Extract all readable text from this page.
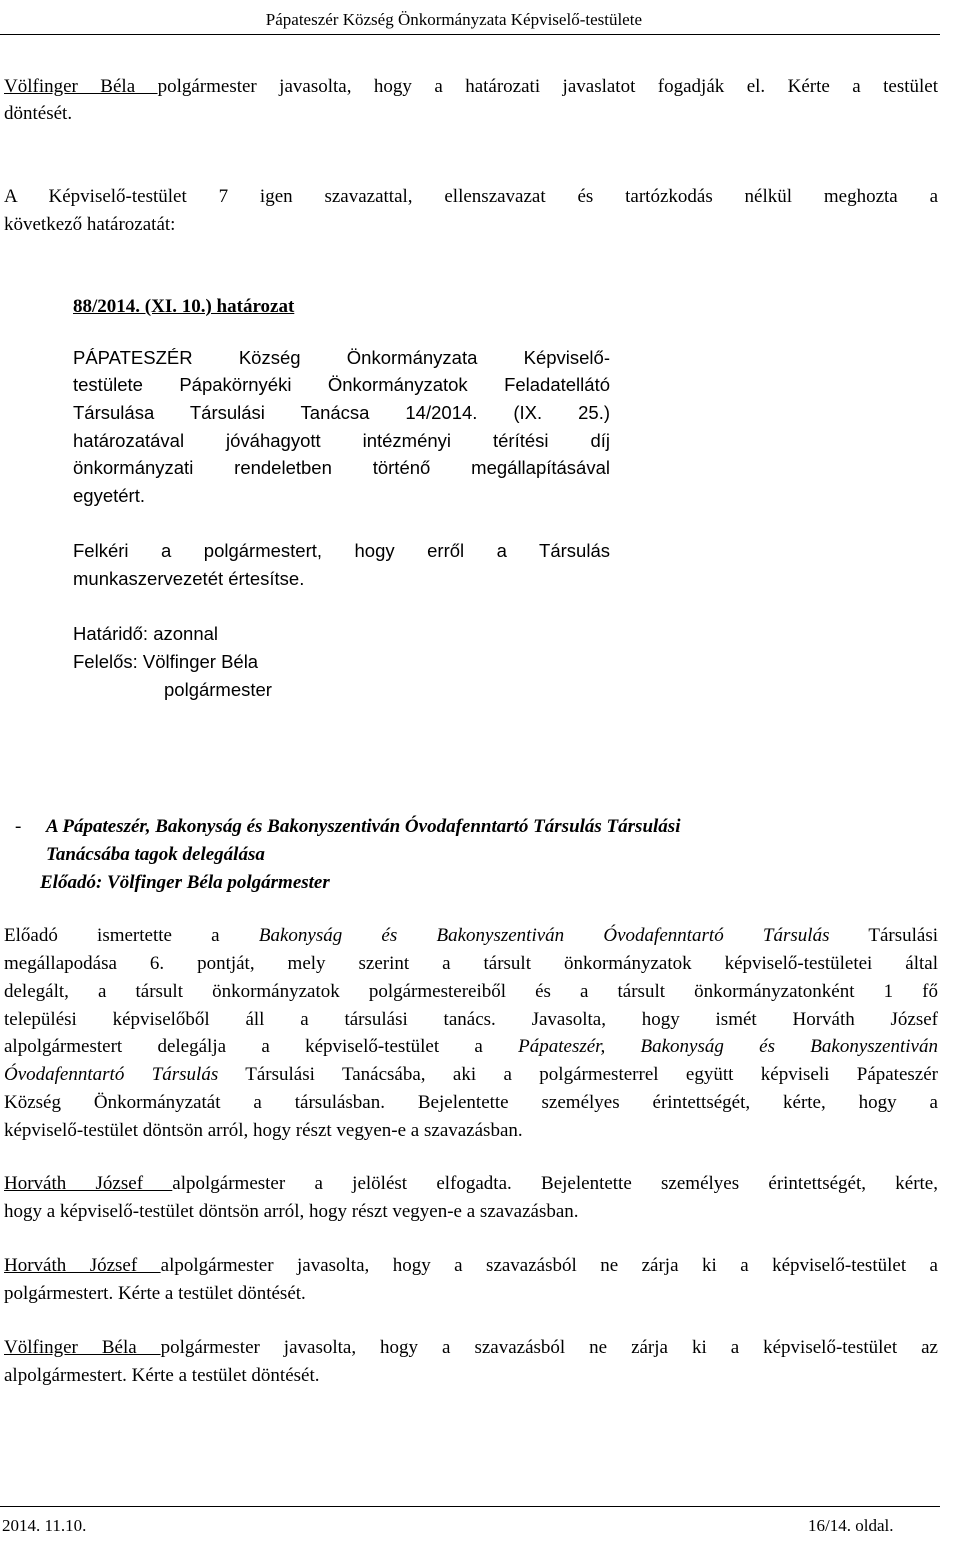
Pápateszér Község Önkormányzata Képviselő-testülete
Völfinger Béla polgármester javasolta, hogy a határozati javaslatot fogadják el. Kérte a testület
döntését.
A Képviselő-testület 7 igen szavazattal, ellenszavazat és tartózkodás nélkül meghozta a
következő határozatát:
88/2014. (XI. 10.) határozat
PÁPATESZÉR Község Önkormányzata Képviselő-
testülete Pápakörnyéki Önkormányzatok Feladatellátó
Társulása Társulási Tanácsa 14/2014. (IX. 25.)
határozatával jóváhagyott intézményi térítési díj
önkormányzati rendeletben történő megállapításával
egyetért.
Felkéri a polgármestert, hogy erről a Társulás
munkaszervezetét értesítse.
Határidő: azonnal
Felelős: Völfinger Béla
polgármester
- A Pápateszér, Bakonyság és Bakonyszentiván Óvodafenntartó Társulás Társulási
Tanácsába tagok delegálása
Előadó: Völfinger Béla polgármester
Előadó ismertette a Bakonyság és Bakonyszentiván Óvodafenntartó Társulás Társulási
megállapodása 6. pontját, mely szerint a társult önkormányzatok képviselő-testületei által
delegált, a társult önkormányzatok polgármestereiből és a társult önkormányzatonként 1 fő
települési képviselőből áll a társulási tanács. Javasolta, hogy ismét Horváth József
alpolgármestert delegálja a képviselő-testület a Pápateszér, Bakonyság és Bakonyszentiván
Óvodafenntartó Társulás Társulási Tanácsába, aki a polgármesterrel együtt képviseli Pápateszér
Község Önkormányzatát a társulásban. Bejelentette személyes érintettségét, kérte, hogy a
képviselő-testület döntsön arról, hogy részt vegyen-e a szavazásban.
Horváth József alpolgármester a jelölést elfogadta. Bejelentette személyes érintettségét, kérte,
hogy a képviselő-testület döntsön arról, hogy részt vegyen-e a szavazásban.
Horváth József alpolgármester javasolta, hogy a szavazásból ne zárja ki a képviselő-testület a
polgármestert. Kérte a testület döntését.
Völfinger Béla polgármester javasolta, hogy a szavazásból ne zárja ki a képviselő-testület az
alpolgármestert. Kérte a testület döntését.
2014. 11.10.	16/14. oldal.
